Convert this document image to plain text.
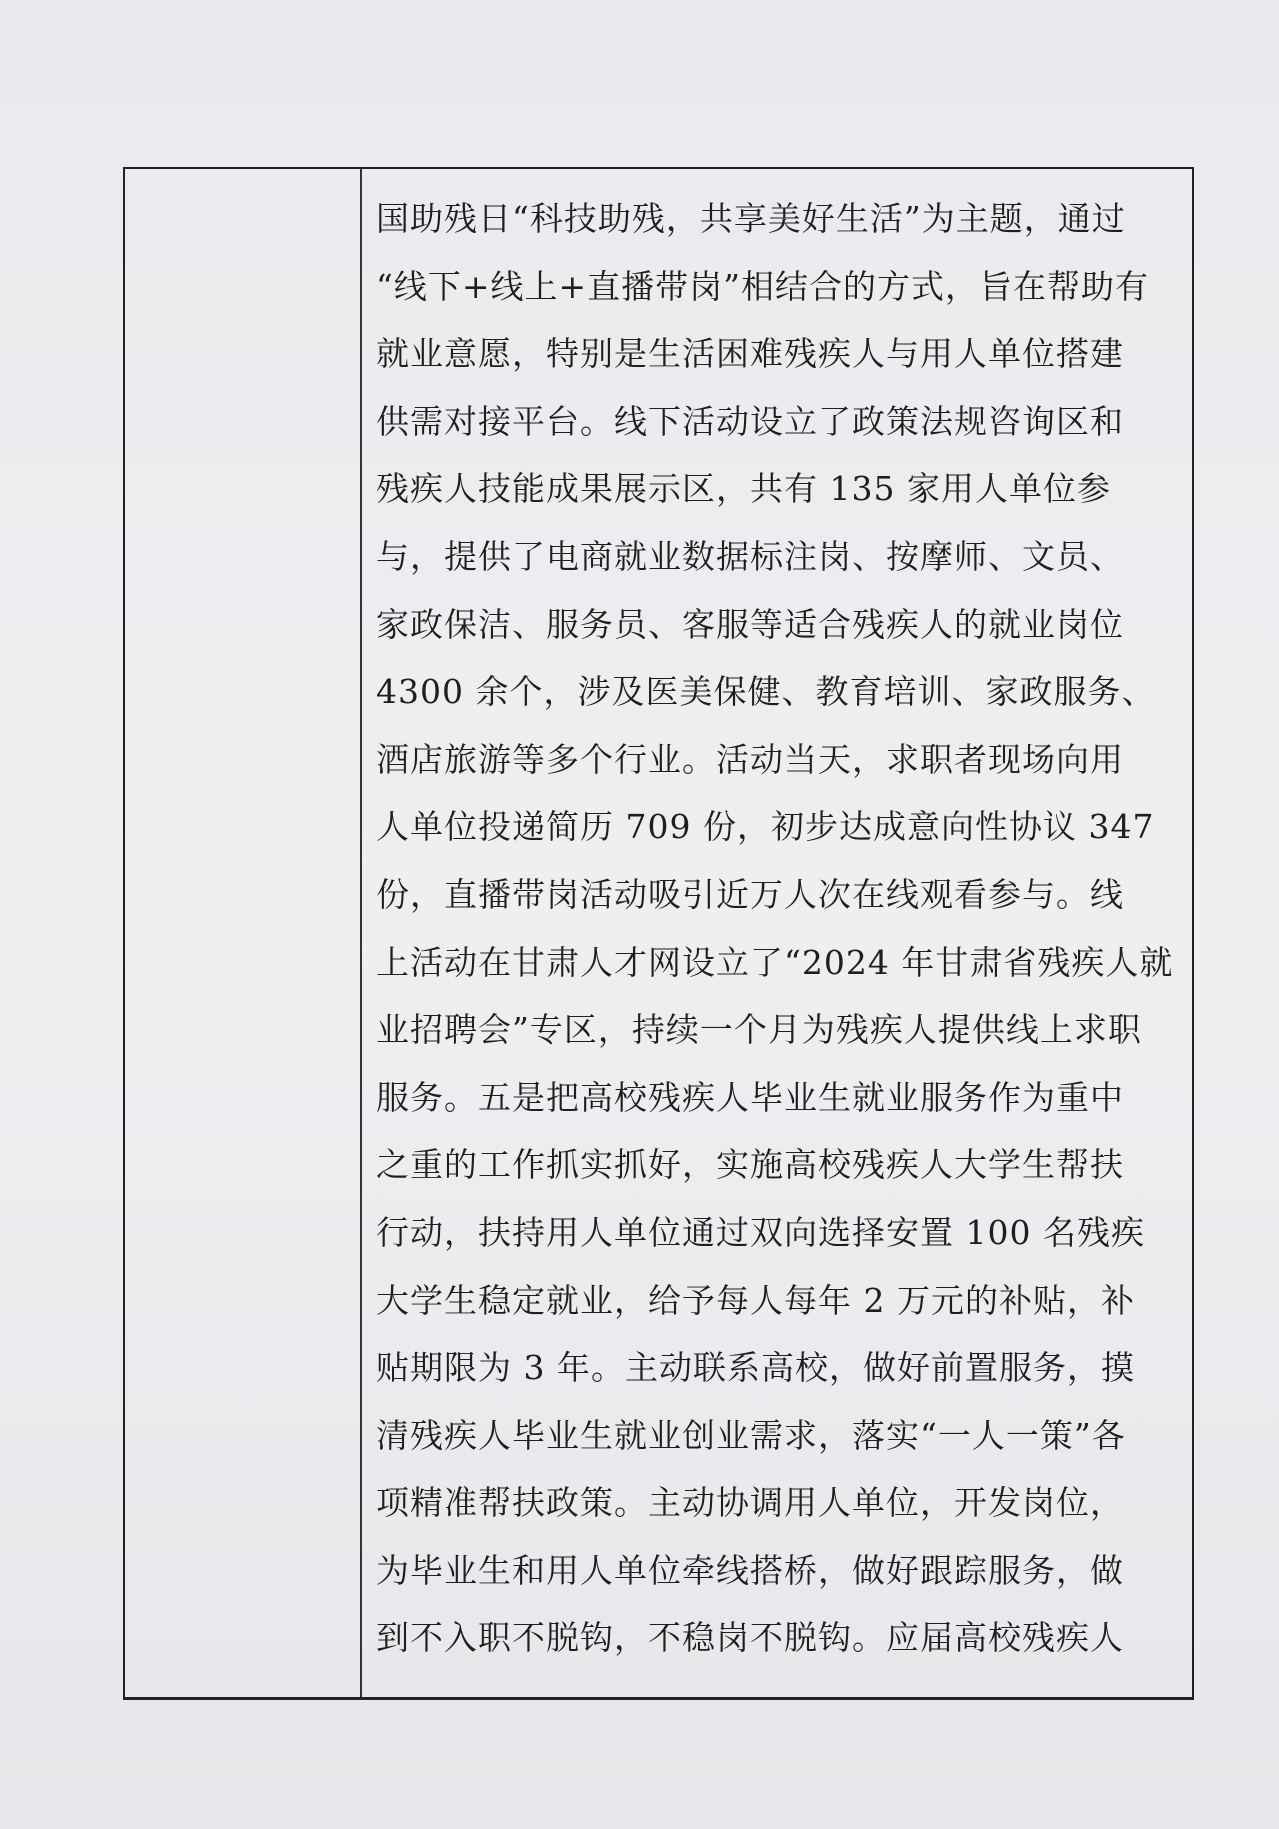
国助残日“科技助残，共享美好生活”为主题，通过
“线下+线上+直播带岗”相结合的方式，旨在帮助有
就业意愿，特别是生活困难残疾人与用人单位搭建
供需对接平台。线下活动设立了政策法规咨询区和
残疾人技能成果展示区，共有 135 家用人单位参
与，提供了电商就业数据标注岗、按摩师、文员、
家政保洁、服务员、客服等适合残疾人的就业岗位
4300 余个，涉及医美保健、教育培训、家政服务、
酒店旅游等多个行业。活动当天，求职者现场向用
人单位投递简历 709 份，初步达成意向性协议 347
份，直播带岗活动吸引近万人次在线观看参与。线
上活动在甘肃人才网设立了“2024 年甘肃省残疾人就
业招聘会”专区，持续一个月为残疾人提供线上求职
服务。五是把高校残疾人毕业生就业服务作为重中
之重的工作抓实抓好，实施高校残疾人大学生帮扶
行动，扶持用人单位通过双向选择安置 100 名残疾
大学生稳定就业，给予每人每年 2 万元的补贴，补
贴期限为 3 年。主动联系高校，做好前置服务，摸
清残疾人毕业生就业创业需求，落实“一人一策”各
项精准帮扶政策。主动协调用人单位，开发岗位，
为毕业生和用人单位牵线搭桥，做好跟踪服务，做
到不入职不脱钩，不稳岗不脱钩。应届高校残疾人
